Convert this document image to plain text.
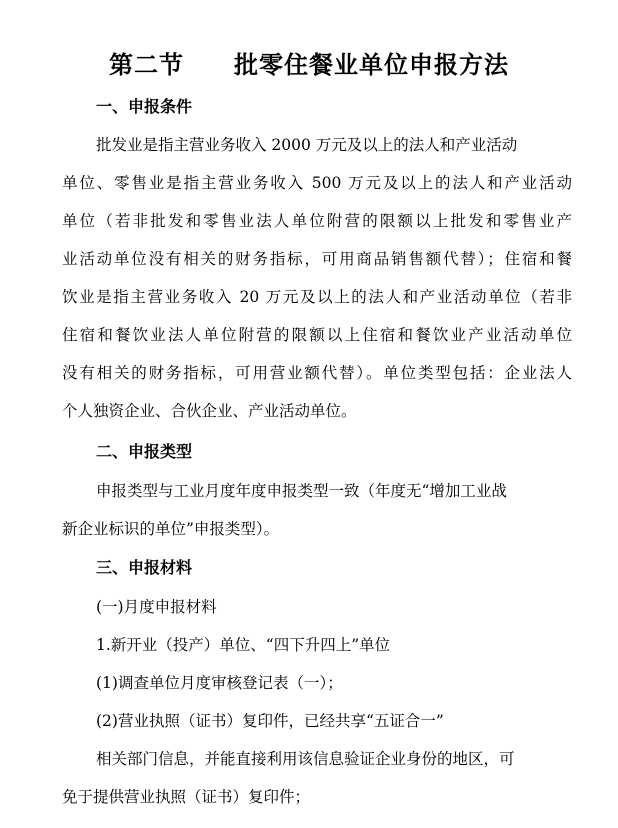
第二节　　批零住餐业单位申报方法
一、申报条件
批发业是指主营业务收入 2000 万元及以上的法人和产业活动
单位、零售业是指主营业务收入 500 万元及以上的法人和产业活动
单位（若非批发和零售业法人单位附营的限额以上批发和零售业产
业活动单位没有相关的财务指标，可用商品销售额代替）；住宿和餐
饮业是指主营业务收入 20 万元及以上的法人和产业活动单位（若非
住宿和餐饮业法人单位附营的限额以上住宿和餐饮业产业活动单位
没有相关的财务指标，可用营业额代替）。单位类型包括：企业法人
个人独资企业、合伙企业、产业活动单位。
二、申报类型
申报类型与工业月度年度申报类型一致（年度无“增加工业战
新企业标识的单位”申报类型）。
三、申报材料
(一)月度申报材料
1.新开业（投产）单位、“四下升四上”单位
(1)调查单位月度审核登记表（一）；
(2)营业执照（证书）复印件，已经共享“五证合一”
相关部门信息，并能直接利用该信息验证企业身份的地区，可
免于提供营业执照（证书）复印件；
